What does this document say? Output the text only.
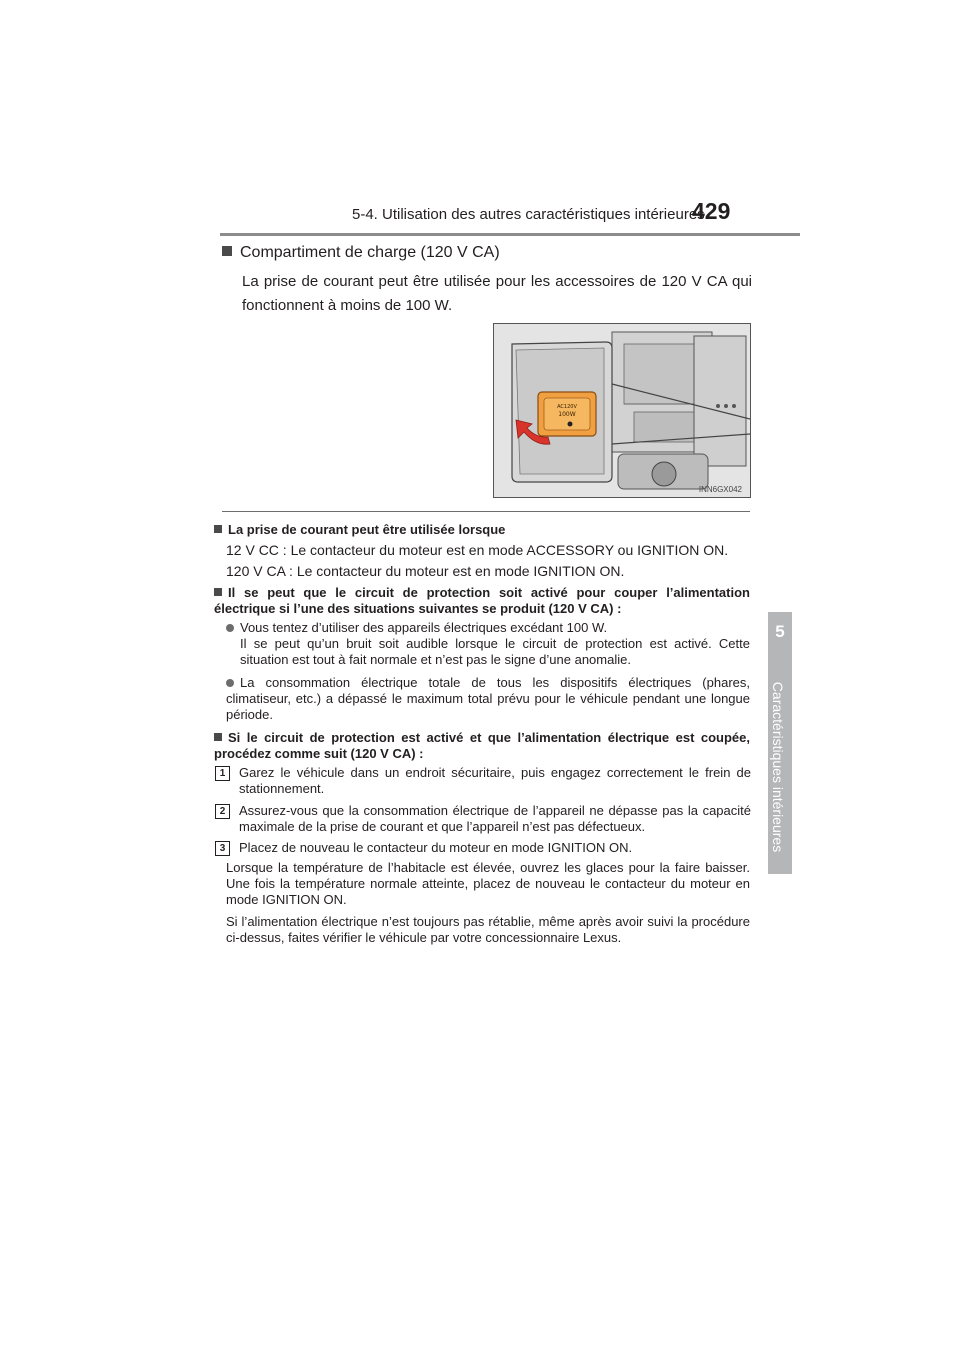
5-4. Utilisation des autres caractéristiques intérieures
429
5
Caractéristiques intérieures
Compartiment de charge (120 V CA)
La prise de courant peut être utilisée pour les accessoires de 120 V CA qui fonctionnent à moins de 100 W.
AC120V
100W
INN6GX042
La prise de courant peut être utilisée lorsque
12 V CC : Le contacteur du moteur est en mode ACCESSORY ou IGNITION ON.
120 V CA : Le contacteur du moteur est en mode IGNITION ON.
Il se peut que le circuit de protection soit activé pour couper l’alimentation électrique si l’une des situations suivantes se produit (120 V CA) :
Vous tentez d’utiliser des appareils électriques excédant 100 W.
Il se peut qu’un bruit soit audible lorsque le circuit de protection est activé. Cette situation est tout à fait normale et n’est pas le signe d’une anomalie.
La consommation électrique totale de tous les dispositifs électriques (phares, climatiseur, etc.) a dépassé le maximum total prévu pour le véhicule pendant une longue période.
Si le circuit de protection est activé et que l’alimentation électrique est coupée, procédez comme suit (120 V CA) :
1	Garez le véhicule dans un endroit sécuritaire, puis engagez correctement le frein de stationnement.
2	Assurez-vous que la consommation électrique de l’appareil ne dépasse pas la capacité maximale de la prise de courant et que l’appareil n’est pas défectueux.
3	Placez de nouveau le contacteur du moteur en mode IGNITION ON.
Lorsque la température de l’habitacle est élevée, ouvrez les glaces pour la faire baisser. Une fois la température normale atteinte, placez de nouveau le contacteur du moteur en mode IGNITION ON.
Si l’alimentation électrique n’est toujours pas rétablie, même après avoir suivi la procédure ci-dessus, faites vérifier le véhicule par votre concessionnaire Lexus.
